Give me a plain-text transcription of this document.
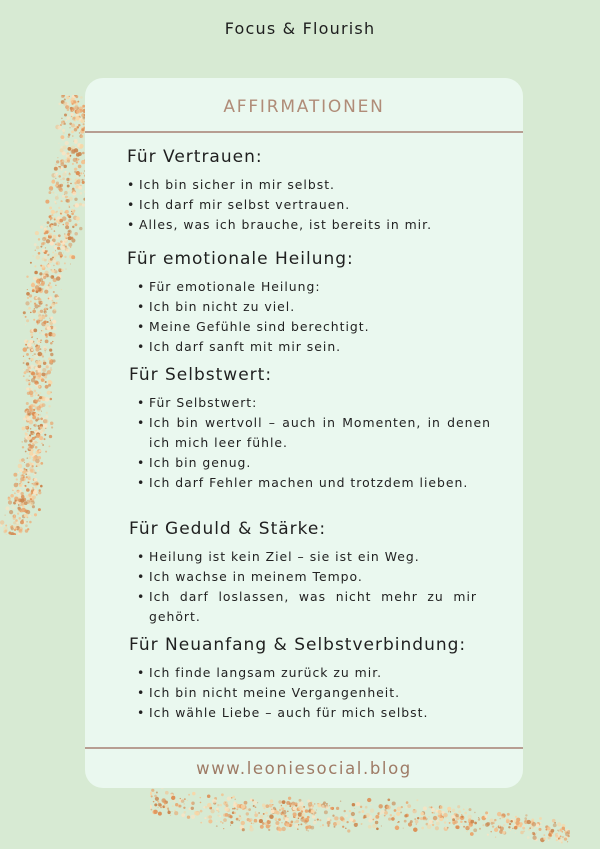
Focus & Flourish
AFFIRMATIONEN
Für Vertrauen:
• Ich bin sicher in mir selbst.
• Ich darf mir selbst vertrauen.
• Alles, was ich brauche, ist bereits in mir.
Für emotionale Heilung:
• Für emotionale Heilung:
• Ich bin nicht zu viel.
• Meine Gefühle sind berechtigt.
• Ich darf sanft mit mir sein.
Für Selbstwert:
• Für Selbstwert:
• Ich bin wertvoll – auch in Momenten, in denen ich mich leer fühle.
• Ich bin genug.
• Ich darf Fehler machen und trotzdem lieben.
Für Geduld & Stärke:
• Heilung ist kein Ziel – sie ist ein Weg.
• Ich wachse in meinem Tempo.
• Ich darf loslassen, was nicht mehr zu mir gehört.
Für Neuanfang & Selbstverbindung:
• Ich finde langsam zurück zu mir.
• Ich bin nicht meine Vergangenheit.
• Ich wähle Liebe – auch für mich selbst.
www.leoniesocial.blog
